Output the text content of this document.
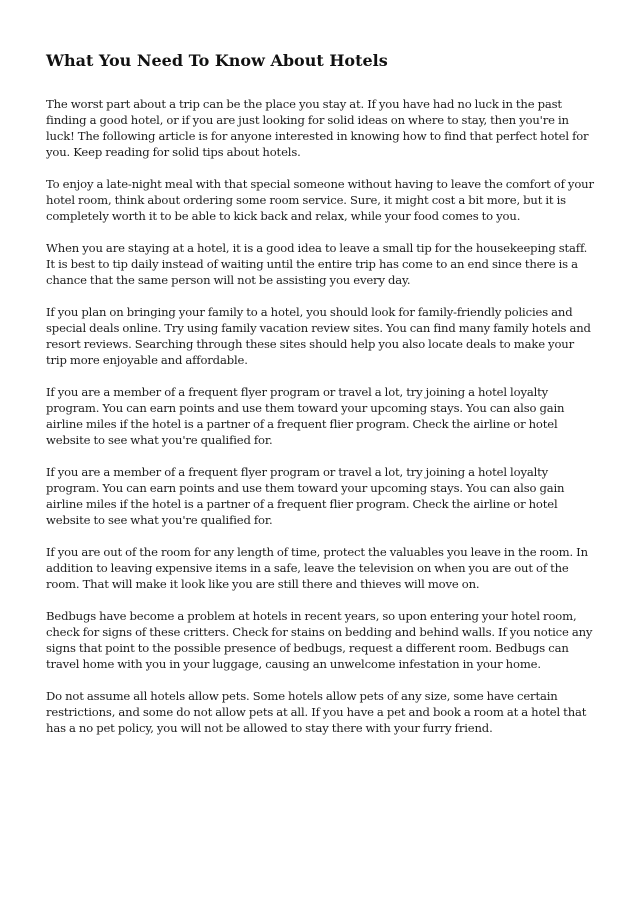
What You Need To Know About Hotels

The worst part about a trip can be the place you stay at. If you have had no luck in the past finding a good hotel, or if you are just looking for solid ideas on where to stay, then you're in luck! The following article is for anyone interested in knowing how to find that perfect hotel for you. Keep reading for solid tips about hotels.

To enjoy a late-night meal with that special someone without having to leave the comfort of your hotel room, think about ordering some room service. Sure, it might cost a bit more, but it is completely worth it to be able to kick back and relax, while your food comes to you.

When you are staying at a hotel, it is a good idea to leave a small tip for the housekeeping staff. It is best to tip daily instead of waiting until the entire trip has come to an end since there is a chance that the same person will not be assisting you every day.

If you plan on bringing your family to a hotel, you should look for family-friendly policies and special deals online. Try using family vacation review sites. You can find many family hotels and resort reviews. Searching through these sites should help you also locate deals to make your trip more enjoyable and affordable.

If you are a member of a frequent flyer program or travel a lot, try joining a hotel loyalty program. You can earn points and use them toward your upcoming stays. You can also gain airline miles if the hotel is a partner of a frequent flier program. Check the airline or hotel website to see what you're qualified for.

If you are a member of a frequent flyer program or travel a lot, try joining a hotel loyalty program. You can earn points and use them toward your upcoming stays. You can also gain airline miles if the hotel is a partner of a frequent flier program. Check the airline or hotel website to see what you're qualified for.

If you are out of the room for any length of time, protect the valuables you leave in the room. In addition to leaving expensive items in a safe, leave the television on when you are out of the room. That will make it look like you are still there and thieves will move on.

Bedbugs have become a problem at hotels in recent years, so upon entering your hotel room, check for signs of these critters. Check for stains on bedding and behind walls. If you notice any signs that point to the possible presence of bedbugs, request a different room. Bedbugs can travel home with you in your luggage, causing an unwelcome infestation in your home.

Do not assume all hotels allow pets. Some hotels allow pets of any size, some have certain restrictions, and some do not allow pets at all. If you have a pet and book a room at a hotel that has a no pet policy, you will not be allowed to stay there with your furry friend.
